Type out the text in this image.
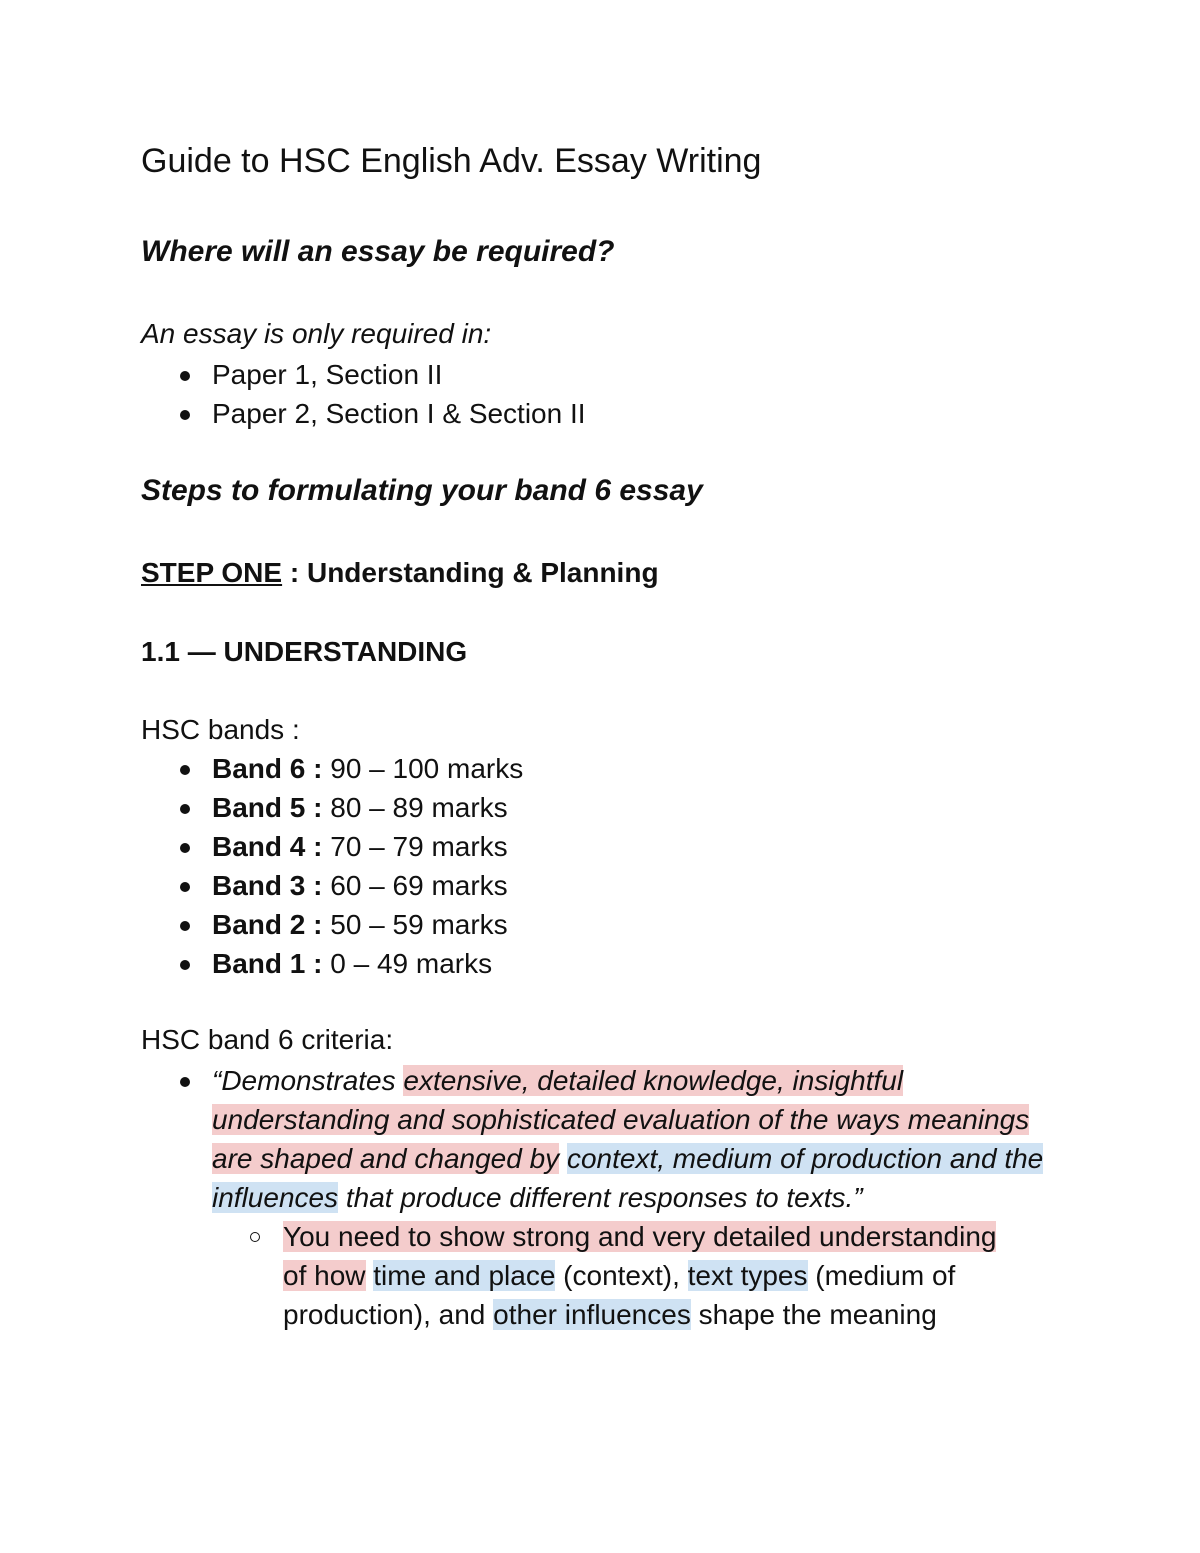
Guide to HSC English Adv. Essay Writing
Where will an essay be required?
An essay is only required in:
Paper 1, Section II
Paper 2, Section I & Section II
Steps to formulating your band 6 essay
STEP ONE : Understanding & Planning
1.1 — UNDERSTANDING
HSC bands :
Band 6 : 90 – 100 marks
Band 5 : 80 – 89 marks
Band 4 : 70 – 79 marks
Band 3 : 60 – 69 marks
Band 2 : 50 – 59 marks
Band 1 : 0 – 49 marks
HSC band 6 criteria:
“Demonstrates extensive, detailed knowledge, insightful understanding and sophisticated evaluation of the ways meanings are shaped and changed by context, medium of production and the influences that produce different responses to texts.”
You need to show strong and very detailed understanding of how time and place (context), text types (medium of production), and other influences shape the meaning
